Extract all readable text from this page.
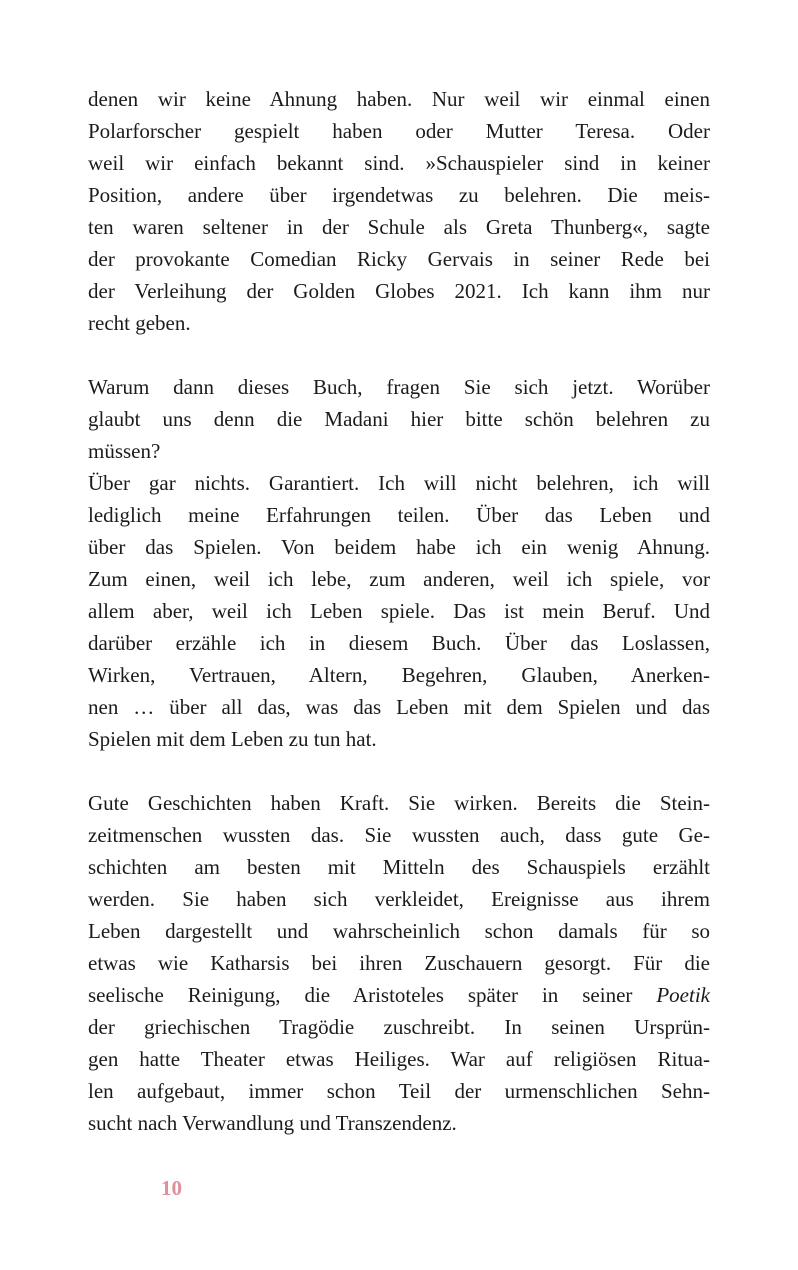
denen wir keine Ahnung haben. Nur weil wir einmal einen
Polarforscher gespielt haben oder Mutter Teresa. Oder
weil wir einfach bekannt sind. »Schauspieler sind in keiner
Position, andere über irgendetwas zu belehren. Die meis-
ten waren seltener in der Schule als Greta Thunberg«, sagte
der provokante Comedian Ricky Gervais in seiner Rede bei
der Verleihung der Golden Globes 2021. Ich kann ihm nur
recht geben.
Warum dann dieses Buch, fragen Sie sich jetzt. Worüber
glaubt uns denn die Madani hier bitte schön belehren zu
müssen?
Über gar nichts. Garantiert. Ich will nicht belehren, ich will
lediglich meine Erfahrungen teilen. Über das Leben und
über das Spielen. Von beidem habe ich ein wenig Ahnung.
Zum einen, weil ich lebe, zum anderen, weil ich spiele, vor
allem aber, weil ich Leben spiele. Das ist mein Beruf. Und
darüber erzähle ich in diesem Buch. Über das Loslassen,
Wirken, Vertrauen, Altern, Begehren, Glauben, Anerken-
nen … über all das, was das Leben mit dem Spielen und das
Spielen mit dem Leben zu tun hat.
Gute Geschichten haben Kraft. Sie wirken. Bereits die Stein-
zeitmenschen wussten das. Sie wussten auch, dass gute Ge-
schichten am besten mit Mitteln des Schauspiels erzählt
werden. Sie haben sich verkleidet, Ereignisse aus ihrem
Leben dargestellt und wahrscheinlich schon damals für so
etwas wie Katharsis bei ihren Zuschauern gesorgt. Für die
seelische Reinigung, die Aristoteles später in seiner Poetik
der griechischen Tragödie zuschreibt. In seinen Ursprün-
gen hatte Theater etwas Heiliges. War auf religiösen Ritua-
len aufgebaut, immer schon Teil der urmenschlichen Sehn-
sucht nach Verwandlung und Transzendenz.
10
